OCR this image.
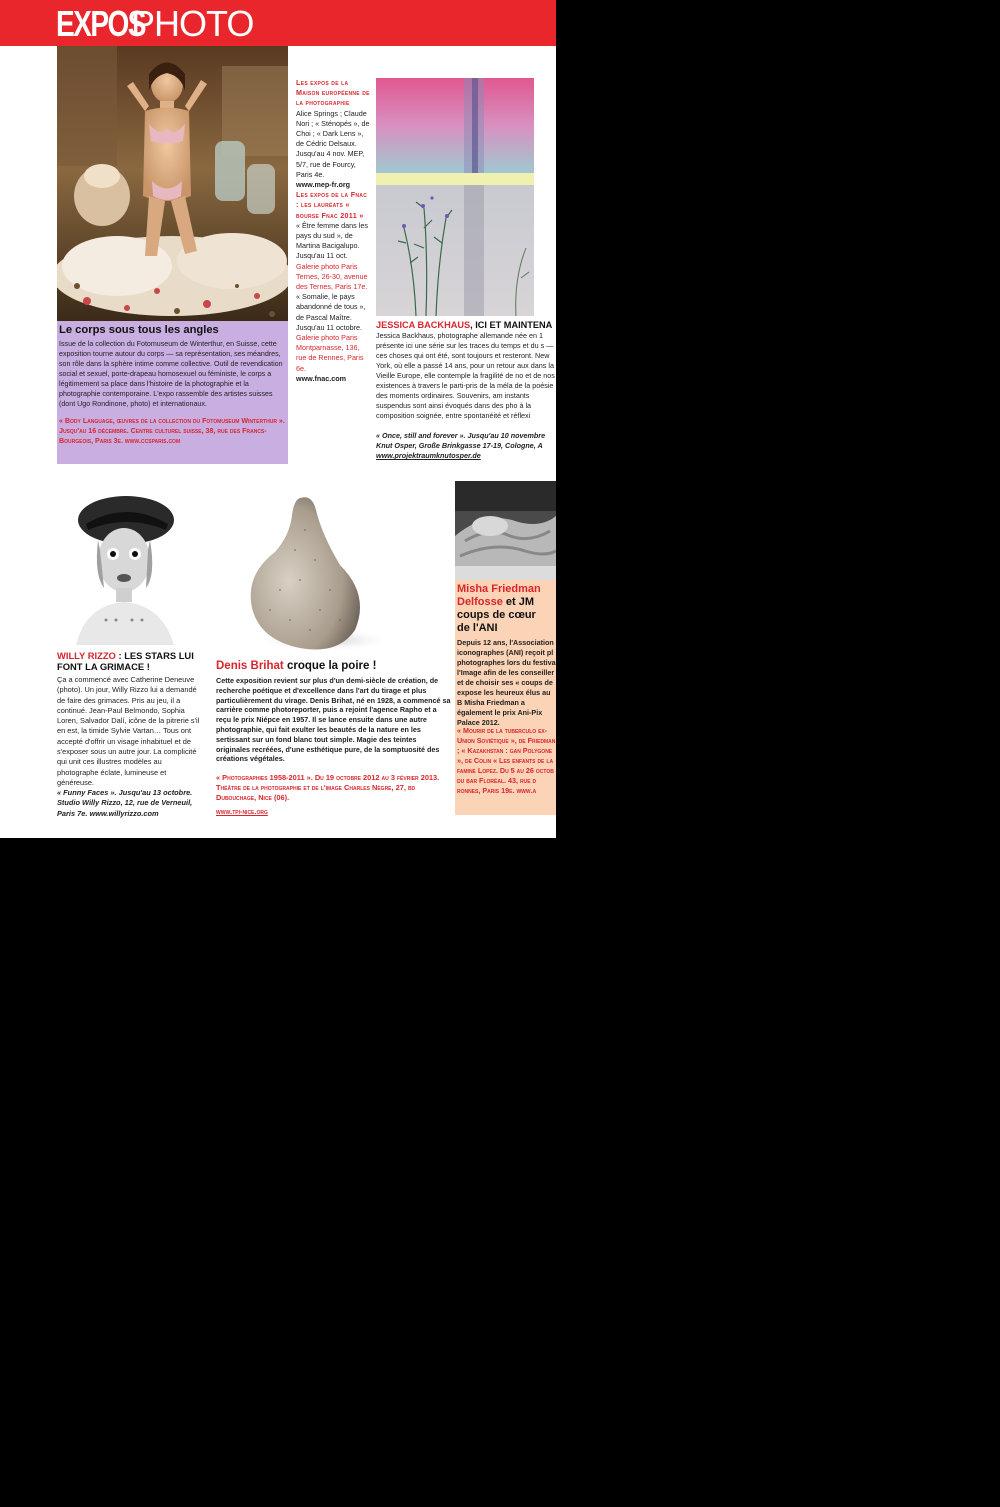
EXPOS
PHOTO
Le corps sous tous les angles
Issue de la collection du Fotomuseum de Winterthur, en Suisse, cette exposition tourne autour du corps — sa représentation, ses méandres, son rôle dans la sphère intime comme collective. Outil de revendication social et sexuel, porte-drapeau homosexuel ou féministe, le corps a légitimement sa place dans l'histoire de la photographie et la photographie contemporaine. L'expo rassemble des artistes suisses (dont Ugo Rondinone, photo) et internationaux.
« Body Language, œuvres de la collection du Fotomuseum Winterthur ». Jusqu'au 16 décembre. Centre culturel suisse, 38, rue des Francs-Bourgeois, Paris 3e. www.ccsparis.com

Les expos de la Maison européenne de la photographie

Alice Springs ; Claude Nori ; « Sténopés », de Choi ; « Dark Lens », de Cédric Delsaux. Jusqu'au 4 nov. MEP, 5/7, rue de Fourcy, Paris 4e.

www.mep-fr.org

Les expos de la Fnac : les lauréats « bourse Fnac 2011 »

« Être femme dans les pays du sud », de Martina Bacigalupo. Jusqu'au 11 oct.

Galerie photo Paris Ternes, 26-30, avenue des Ternes, Paris 17e.

« Somalie, le pays abandonné de tous », de Pascal Maître. Jusqu'au 11 octobre.

Galerie photo Paris Montparnasse, 136, rue de Rennes, Paris 6e.

www.fnac.com

JESSICA BACKHAUS, ICI ET MAINTENA
Jessica Backhaus, photographe allemande née en 1 présente ici une série sur les traces du temps et du s — ces choses qui ont été, sont toujours et resteront. New York, où elle a passé 14 ans, pour un retour aux dans la Vieille Europe, elle contemple la fragilité de no et de nos existences à travers le parti-pris de la méla de la poésie des moments ordinaires. Souvenirs, am instants suspendus sont ainsi évoqués dans des pho à la composition soignée, entre spontanéité et réflexi
« Once, still and forever ». Jusqu'au 10 novembre Knut Osper, Große Brinkgasse 17-19, Cologne, A
www.projektraumknutosper.de
WILLY RIZZO : LES STARS LUI FONT LA GRIMACE !
Ça a commencé avec Catherine Deneuve (photo). Un jour, Willy Rizzo lui a demandé de faire des grimaces. Pris au jeu, il a continué. Jean-Paul Belmondo, Sophia Loren, Salvador Dalí, icône de la pitrerie s'il en est, la timide Sylvie Vartan… Tous ont accepté d'offrir un visage inhabituel et de s'exposer sous un autre jour. La complicité qui unit ces illustres modèles au photographe éclate, lumineuse et généreuse.
« Funny Faces ». Jusqu'au 13 octobre. Studio Willy Rizzo, 12, rue de Verneuil, Paris 7e. www.willyrizzo.com
Denis Brihat croque la poire !
Cette exposition revient sur plus d'un demi-siècle de création, de recherche poétique et d'excellence dans l'art du tirage et plus particulièrement du virage. Denis Brihat, né en 1928, a commencé sa carrière comme photoreporter, puis a rejoint l'agence Rapho et a reçu le prix Niépce en 1957. Il se lance ensuite dans une autre photographie, qui fait exulter les beautés de la nature en les sertissant sur un fond blanc tout simple. Magie des teintes originales recréées, d'une esthétique pure, de la somptuosité des créations végétales.
« Photographies 1958-2011 ». Du 19 octobre 2012 au 3 février 2013. Théâtre de la photographie et de l'image Charles Nègre, 27, bd Dubouchage, Nice (06).
www.tpi-nice.org
Misha Friedman
Delfosse et JM
coups de cœur
de l'ANI
Depuis 12 ans, l'Association iconographes (ANI) reçoit pl photographes lors du festiva l'Image afin de les conseiller et de choisir ses « coups de expose les heureux élus au B Misha Friedman a également le prix Ani-Pix Palace 2012.
« Mourir de la tuberculo ex-Union Soviétique », de Friedman ; « Kazakhstan : gan Polygone », de Colin « Les enfants de la famine Lopez. Du 5 au 26 octob du bar Floréal. 43, rue d ronnes, Paris 19e. www.a
